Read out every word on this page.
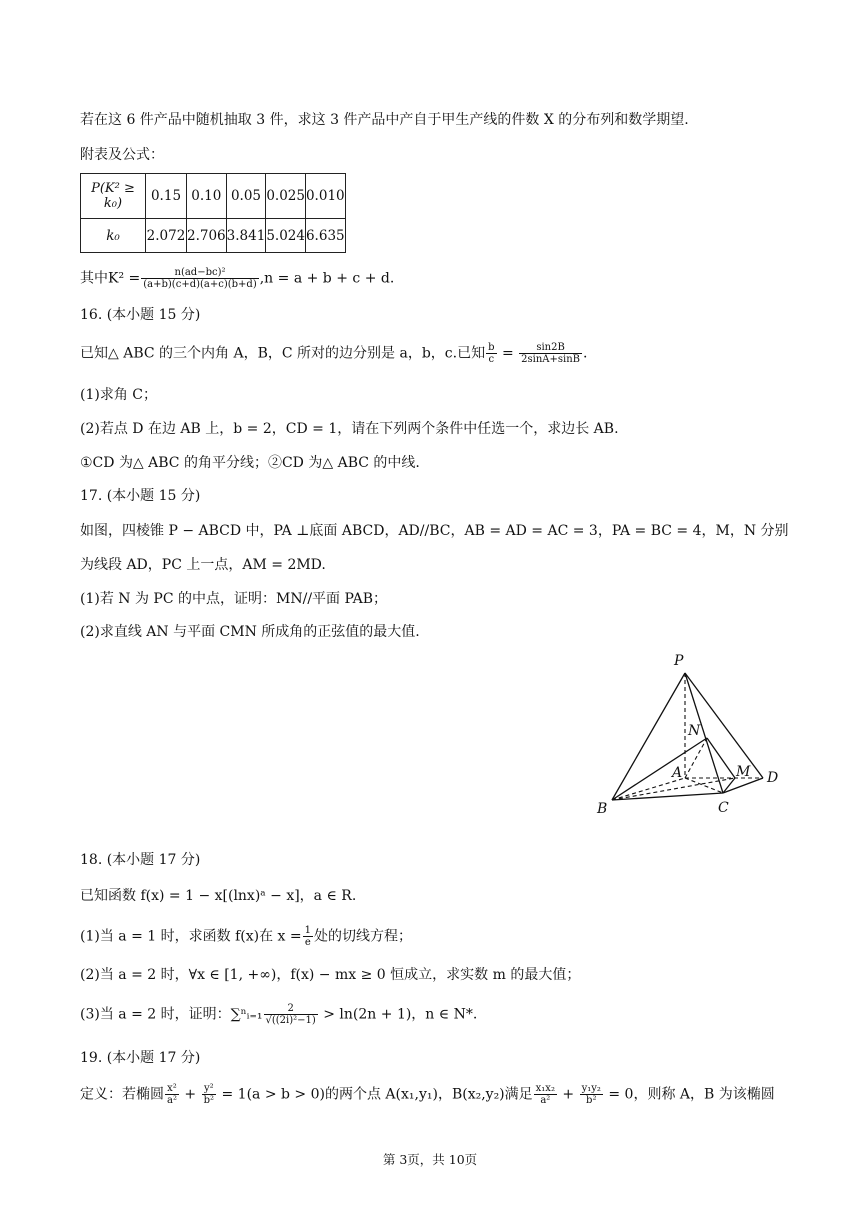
若在这 6 件产品中随机抽取 3 件，求这 3 件产品中产自于甲生产线的件数 X 的分布列和数学期望.
附表及公式：
P(K² ≥ k₀)	0.15	0.10	0.05	0.025	0.010
k₀	2.072	2.706	3.841	5.024	6.635
其中$K^2 = \frac{\text{n(ad−bc)²}}{(a+b)(c+d)(a+c)(b+d)} ,n = a + b + c + d$.
16. (本小题 15 分)
已知△ ABC 的三个内角 A，B，C 所对的边分别是 a，b，c.已知 $\frac{b}{c} = \frac{\sin 2B}{2\sin A+\sin B}$ .
(1)求角 C；
(2)若点 D 在边 AB 上，b = 2，CD = 1，请在下列两个条件中任选一个，求边长 AB.
①CD 为△ ABC 的角平分线；②CD 为△ ABC 的中线.
17. (本小题 15 分)
如图，四棱锥 P − ABCD 中，PA ⊥底面 ABCD，AD//BC，AB = AD = AC = 3，PA = BC = 4，M，N 分别
为线段 AD，PC 上一点，AM = 2MD.
(1)若 N 为 PC 的中点，证明：MN//平面 PAB；
(2)求直线 AN 与平面 CMN 所成角的正弦值的最大值.
P
N
A	M D
B	C
18. (本小题 17 分)
已知函数 f(x) = 1 − x[(lnx)ᵃ − x]，a ∈ R.
(1)当 a = 1 时，求函数 f(x)在 $x = \frac{1}{e}$ 处的切线方程；
(2)当 a = 2 时，∀x ∈ [1, +∞)，f(x) − mx ≥ 0 恒成立，求实数 m 的最大值；
(3)当 a = 2 时，证明：∑ⁿᵢ₌₁ $\frac{2}{\text{√((2i)²−1)}} > \ln(2n + 1)$，n ∈ N*.
19. (本小题 17 分)
定义：若椭圆 $\frac{\text{x²}}{\text{a²}} + \frac{\text{y²}}{\text{b²}} = 1(a > b > 0)$的两个点 A(x₁,y₁)，B(x₂,y₂)满足 $\frac{\text{x₁x₂}}{\text{a²}} + \frac{\text{y₁y₂}}{\text{b²}} = 0$，则称 A，B 为该椭圆
第 3页，共 10页
